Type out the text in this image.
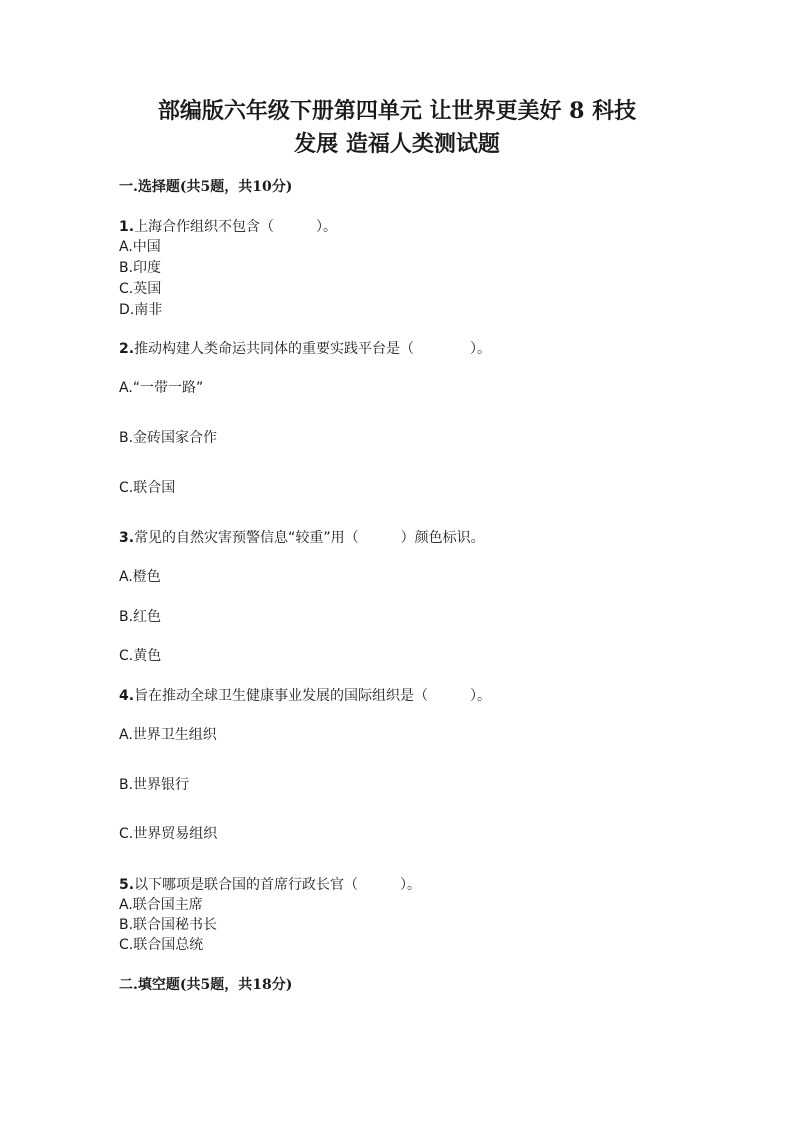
部编版六年级下册第四单元 让世界更美好 8 科技
发展 造福人类测试题
一.选择题(共5题，共10分)
1.上海合作组织不包含（　　　）。
A.中国
B.印度
C.英国
D.南非
2.推动构建人类命运共同体的重要实践平台是（　　　　）。
A.“一带一路”
B.金砖国家合作
C.联合国
3.常见的自然灾害预警信息“较重”用（　　　）颜色标识。
A.橙色
B.红色
C.黄色
4.旨在推动全球卫生健康事业发展的国际组织是（　　　）。
A.世界卫生组织
B.世界银行
C.世界贸易组织
5.以下哪项是联合国的首席行政长官（　　　）。
A.联合国主席
B.联合国秘书长
C.联合国总统
二.填空题(共5题，共18分)
